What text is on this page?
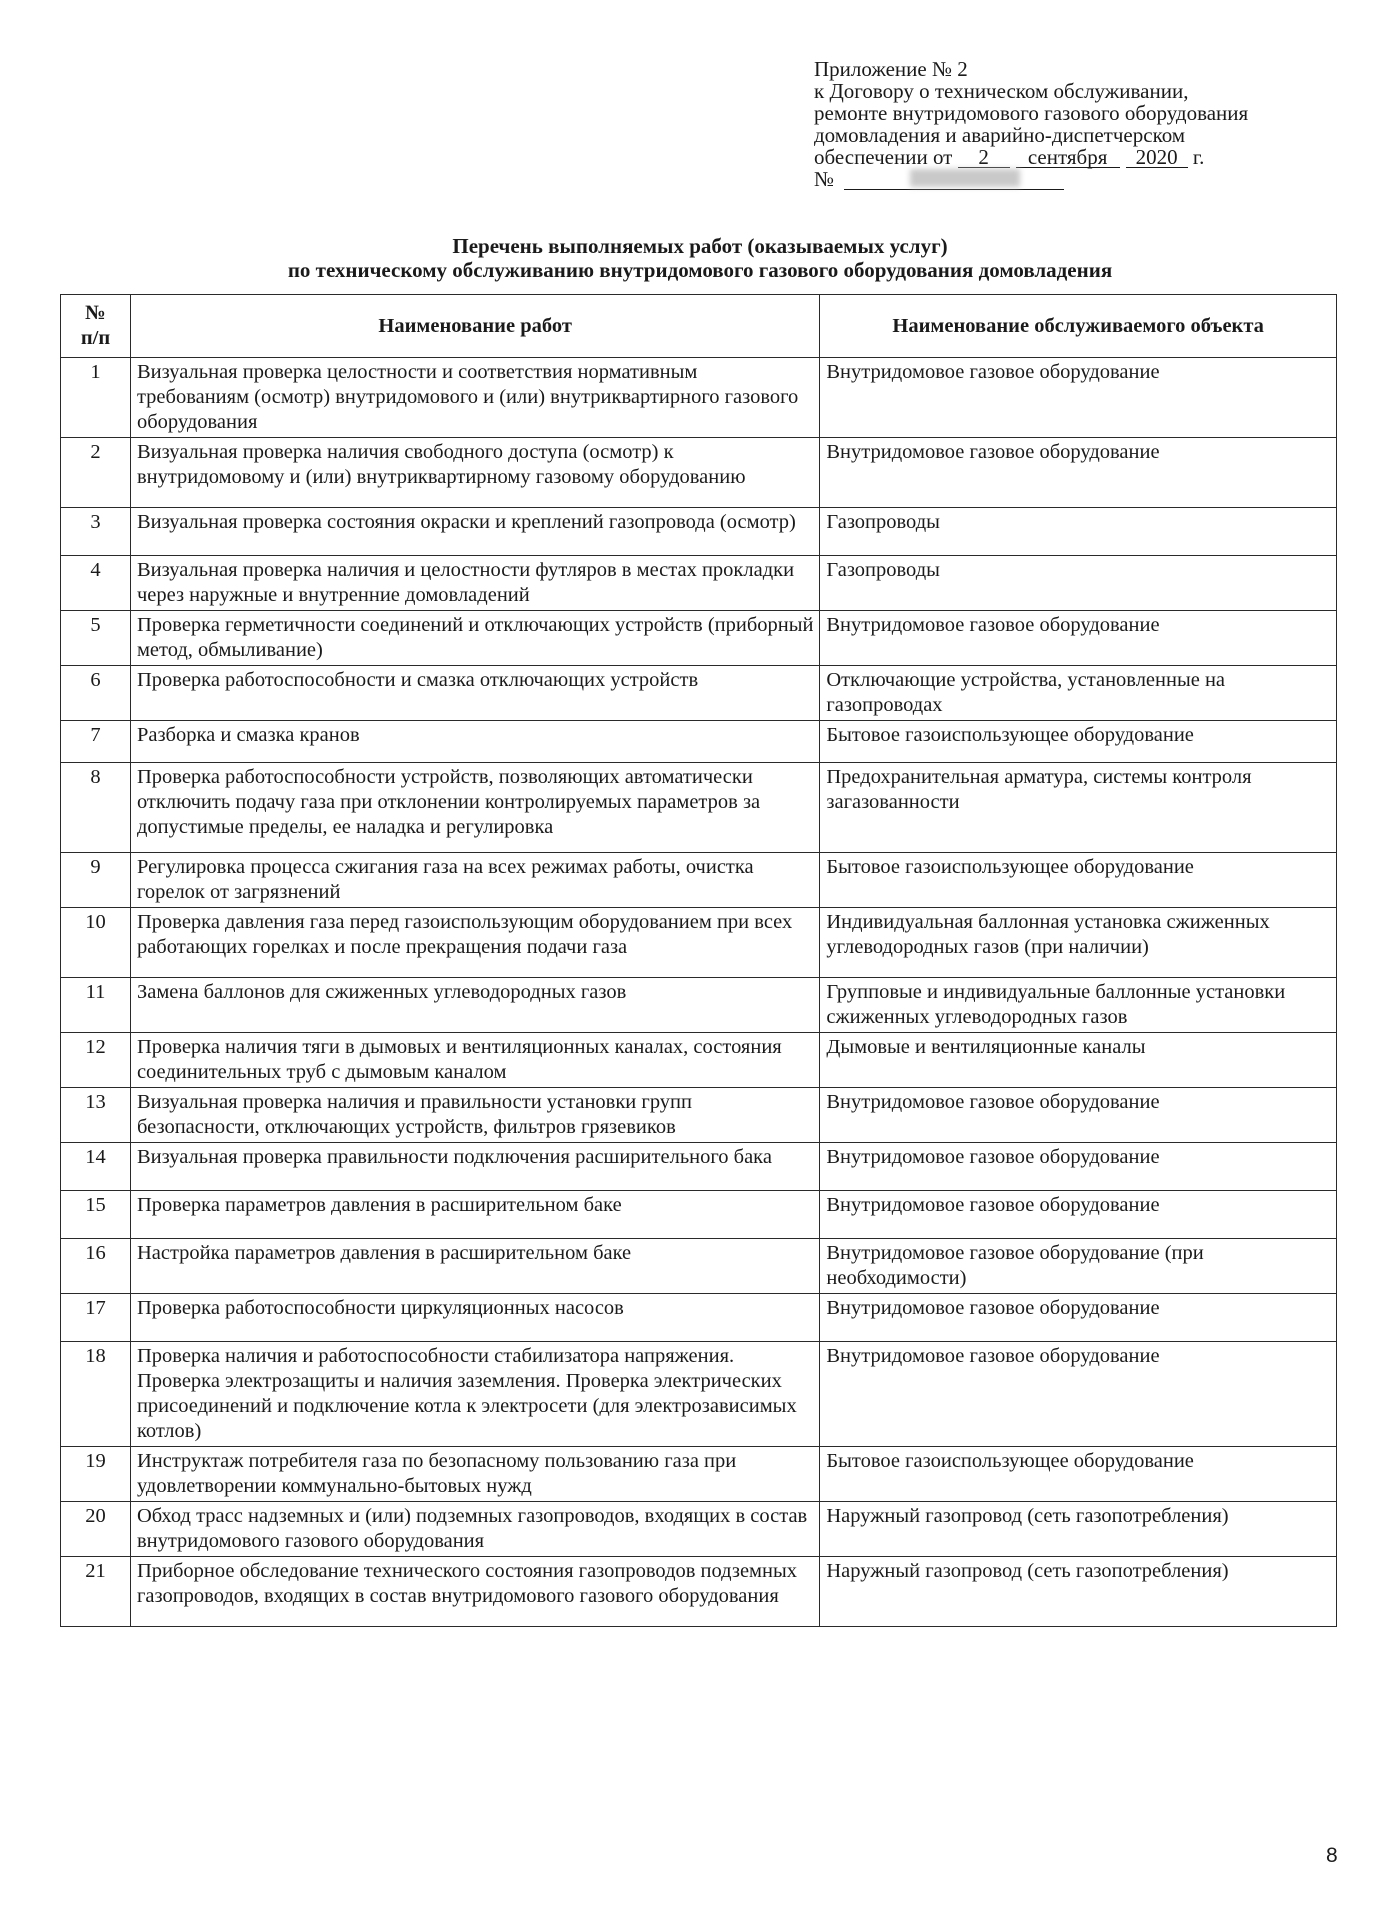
Приложение № 2
к Договору о техническом обслуживании,
ремонте внутридомового газового оборудования
домовладения и аварийно-диспетчерском
обеспечении от 2 сентября 2020 г.
№
Перечень выполняемых работ (оказываемых услуг)
по техническому обслуживанию внутридомового газового оборудования домовладения
№
п/п	Наименование работ	Наименование обслуживаемого объекта
1	Визуальная проверка целостности и соответствия нормативным требованиям (осмотр) внутридомового и (или) внутриквартирного газового оборудования	Внутридомовое газовое оборудование
2	Визуальная проверка наличия свободного доступа (осмотр) к внутридомовому и (или) внутриквартирному газовому оборудованию	Внутридомовое газовое оборудование
3	Визуальная проверка состояния окраски и креплений газопровода (осмотр)	Газопроводы
4	Визуальная проверка наличия и целостности футляров в местах прокладки через наружные и внутренние домовладений	Газопроводы
5	Проверка герметичности соединений и отключающих устройств (приборный метод, обмыливание)	Внутридомовое газовое оборудование
6	Проверка работоспособности и смазка отключающих устройств	Отключающие устройства, установленные на газопроводах
7	Разборка и смазка кранов	Бытовое газоиспользующее оборудование
8	Проверка работоспособности устройств, позволяющих автоматически отключить подачу газа при отклонении контролируемых параметров за допустимые пределы, ее наладка и регулировка	Предохранительная арматура, системы контроля загазованности
9	Регулировка процесса сжигания газа на всех режимах работы, очистка горелок от загрязнений	Бытовое газоиспользующее оборудование
10	Проверка давления газа перед газоиспользующим оборудованием при всех работающих горелках и после прекращения подачи газа	Индивидуальная баллонная установка сжиженных углеводородных газов (при наличии)
11	Замена баллонов для сжиженных углеводородных газов	Групповые и индивидуальные баллонные установки сжиженных углеводородных газов
12	Проверка наличия тяги в дымовых и вентиляционных каналах, состояния соединительных труб с дымовым каналом	Дымовые и вентиляционные каналы
13	Визуальная проверка наличия и правильности установки групп безопасности, отключающих устройств, фильтров грязевиков	Внутридомовое газовое оборудование
14	Визуальная проверка правильности подключения расширительного бака	Внутридомовое газовое оборудование
15	Проверка параметров давления в расширительном баке	Внутридомовое газовое оборудование
16	Настройка параметров давления в расширительном баке	Внутридомовое газовое оборудование (при необходимости)
17	Проверка работоспособности циркуляционных насосов	Внутридомовое газовое оборудование
18	Проверка наличия и работоспособности стабилизатора напряжения. Проверка электрозащиты и наличия заземления. Проверка электрических присоединений и подключение котла к электросети (для электрозависимых котлов)	Внутридомовое газовое оборудование
19	Инструктаж потребителя газа по безопасному пользованию газа при удовлетворении коммунально-бытовых нужд	Бытовое газоиспользующее оборудование
20	Обход трасс надземных и (или) подземных газопроводов, входящих в состав внутридомового газового оборудования	Наружный газопровод (сеть газопотребления)
21	Приборное обследование технического состояния газопроводов подземных газопроводов, входящих в состав внутридомового газового оборудования	Наружный газопровод (сеть газопотребления)
8
